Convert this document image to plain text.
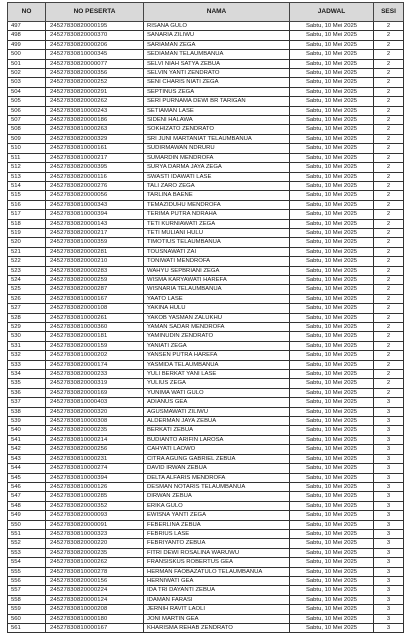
NO	NO PESERTA	NAMA	JADWAL	SESI
497	24527830820000195	RISANA GULO	Sabtu, 10 Mei 2025	2
498	24527830820000370	SANARIA ZILIWU	Sabtu, 10 Mei 2025	2
499	24527830820000206	SARIAMAN ZEGA	Sabtu, 10 Mei 2025	2
500	24527830810000345	SEDIAMAN TELAUMBANUA	Sabtu, 10 Mei 2025	2
501	24527830820000077	SELVI NIAH SATYA ZEBUA	Sabtu, 10 Mei 2025	2
502	24527830820000356	SELVIN YANTI ZENDRATO	Sabtu, 10 Mei 2025	2
503	24527830820000252	SENI CHARIS NIATI ZEGA	Sabtu, 10 Mei 2025	2
504	24527830820000291	SEPTINUS ZEGA	Sabtu, 10 Mei 2025	2
505	24527830820000262	SERI PURNAMA DEWI BR TARIGAN	Sabtu, 10 Mei 2025	2
506	24527830810000243	SETIAMAN LASE	Sabtu, 10 Mei 2025	2
507	24527830820000186	SIDENI HALAWA	Sabtu, 10 Mei 2025	2
508	24527830810000263	SOKHIZATO ZENDRATO	Sabtu, 10 Mei 2025	2
509	24527830820000329	SRI JUNI MARTANIAT TELAUMBANUA	Sabtu, 10 Mei 2025	2
510	24527830810000161	SUDIRMAWAN NDRURU	Sabtu, 10 Mei 2025	2
511	24527830810000217	SUMARDIN MENDROFA	Sabtu, 10 Mei 2025	2
512	24527830820000395	SURYA DARMA JAYA ZEGA	Sabtu, 10 Mei 2025	2
513	24527830820000116	SWASTI IDAWATI LASE	Sabtu, 10 Mei 2025	2
514	24527830820000276	TALI ZARO ZEGA	Sabtu, 10 Mei 2025	2
515	24527830820000056	TARLINA BAENE	Sabtu, 10 Mei 2025	2
516	24527830810000343	TEMAZIDUHU MENDROFA	Sabtu, 10 Mei 2025	2
517	24527830810000394	TERIMA PUTRA NDRAHA	Sabtu, 10 Mei 2025	2
518	24527830820000143	TETI KURNIAWATI ZEGA	Sabtu, 10 Mei 2025	2
519	24527830820000217	TETI MULIANI HULU	Sabtu, 10 Mei 2025	2
520	24527830810000359	TIMOTIUS TELAUMBANUA	Sabtu, 10 Mei 2025	2
521	24527830820000281	TOUSNAWATI ZAI	Sabtu, 10 Mei 2025	2
522	24527830820000210	TONIWATI MENDROFA	Sabtu, 10 Mei 2025	2
523	24527830820000283	WAHYU SEPBRIANI ZEGA	Sabtu, 10 Mei 2025	2
524	24527830820000259	WISMA KARYAWATI HAREFA	Sabtu, 10 Mei 2025	2
525	24527830820000287	WISNARIA TELAUMBANUA	Sabtu, 10 Mei 2025	2
526	24527830810000167	YAATO LASE	Sabtu, 10 Mei 2025	2
527	24527830820000108	YAKINA HULU	Sabtu, 10 Mei 2025	2
528	24527830810000261	YAKOB YASMAN ZALUKHU	Sabtu, 10 Mei 2025	2
529	24527830810000360	YAMAN SADAR MENDROFA	Sabtu, 10 Mei 2025	2
530	24527830820000181	YAMINUDIN ZENDRATO	Sabtu, 10 Mei 2025	2
531	24527830820000159	YANIATI ZEGA	Sabtu, 10 Mei 2025	2
532	24527830810000202	YANSEN PUTRA HAREFA	Sabtu, 10 Mei 2025	2
533	24527830820000174	YASMIDA TELAUMBANUA	Sabtu, 10 Mei 2025	2
534	24527830820000233	YULI BERKAT YANI LASE	Sabtu, 10 Mei 2025	2
535	24527830820000319	YULIUS ZEGA	Sabtu, 10 Mei 2025	2
536	24527830820000169	YUNIMA WATI GULO	Sabtu, 10 Mei 2025	2
537	24527830810000403	ADIANUS GEA	Sabtu, 10 Mei 2025	3
538	24527830820000320	AGUSMAWATI ZILIWU	Sabtu, 10 Mei 2025	3
539	24527830810000308	ALDERMAN JAYA ZEBUA	Sabtu, 10 Mei 2025	3
540	24527830820000235	BERKATI ZEBUA	Sabtu, 10 Mei 2025	3
541	24527830810000214	BUDIANTO ARIFIN LAROSA	Sabtu, 10 Mei 2025	3
542	24527830820000256	CAHYATI LAOWO	Sabtu, 10 Mei 2025	3
543	24527830810000231	CITRA AGUNG GABRIEL ZEBUA	Sabtu, 10 Mei 2025	3
544	24527830810000274	DAVID IRWAN ZEBUA	Sabtu, 10 Mei 2025	3
545	24527830810000394	DELTA ALFARIS MENDROFA	Sabtu, 10 Mei 2025	3
546	24527830810000126	DESMAN NOTARIS TELAUMBANUA	Sabtu, 10 Mei 2025	3
547	24527830810000285	DIRWAN ZEBUA	Sabtu, 10 Mei 2025	3
548	24527830820000352	ERIKA GULO	Sabtu, 10 Mei 2025	3
549	24527830820000093	EWISNA YANTI ZEGA	Sabtu, 10 Mei 2025	3
550	24527830820000091	FEBERLINA ZEBUA	Sabtu, 10 Mei 2025	3
551	24527830810000323	FEBRIUS LASE	Sabtu, 10 Mei 2025	3
552	24527830820000220	FEBRIYANTO ZEBUA	Sabtu, 10 Mei 2025	3
553	24527830820000235	FITRI DEWI ROSALINA WARUWU	Sabtu, 10 Mei 2025	3
554	24527830810000262	FRANSISKUS ROBERTUS GEA	Sabtu, 10 Mei 2025	3
555	24527830810000278	HERMAN FAOBAZATULO TELAUMBANUA	Sabtu, 10 Mei 2025	3
556	24527830820000156	HERNIWATI GEA	Sabtu, 10 Mei 2025	3
557	24527830820000224	IDA TRI DAYANTI ZEBUA	Sabtu, 10 Mei 2025	3
558	24527830820000124	IDAMAN FARASI	Sabtu, 10 Mei 2025	3
559	24527830810000208	JERNIH RAVIT LAOLI	Sabtu, 10 Mei 2025	3
560	24527830810000180	JONI MARTIN GEA	Sabtu, 10 Mei 2025	3
561	24527830810000167	KHARISMA REHAB ZENDRATO	Sabtu, 10 Mei 2025	3
